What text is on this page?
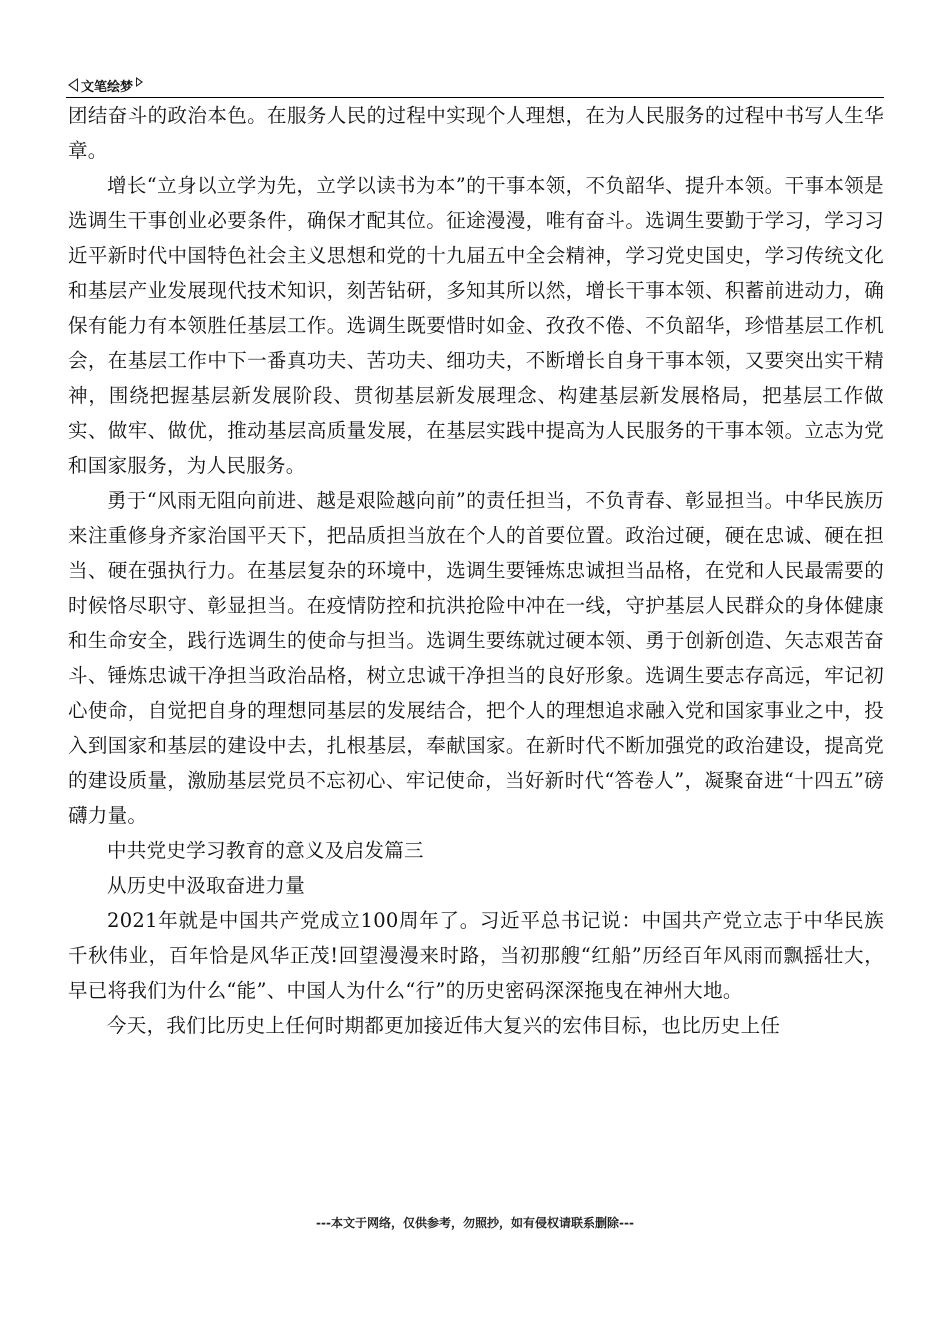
文笔绘梦

团结奋斗的政治本色。在服务人民的过程中实现个人理想，在为人民服务的过程中书写人生华章。

增长“立身以立学为先，立学以读书为本”的干事本领，不负韶华、提升本领。干事本领是选调生干事创业必要条件，确保才配其位。征途漫漫，唯有奋斗。选调生要勤于学习，学习习近平新时代中国特色社会主义思想和党的十九届五中全会精神，学习党史国史，学习传统文化和基层产业发展现代技术知识，刻苦钻研，多知其所以然，增长干事本领、积蓄前进动力，确保有能力有本领胜任基层工作。选调生既要惜时如金、孜孜不倦、不负韶华，珍惜基层工作机会，在基层工作中下一番真功夫、苦功夫、细功夫，不断增长自身干事本领，又要突出实干精神，围绕把握基层新发展阶段、贯彻基层新发展理念、构建基层新发展格局，把基层工作做实、做牢、做优，推动基层高质量发展，在基层实践中提高为人民服务的干事本领。立志为党和国家服务，为人民服务。

勇于“风雨无阻向前进、越是艰险越向前”的责任担当，不负青春、彰显担当。中华民族历来注重修身齐家治国平天下，把品质担当放在个人的首要位置。政治过硬，硬在忠诚、硬在担当、硬在强执行力。在基层复杂的环境中，选调生要锤炼忠诚担当品格，在党和人民最需要的时候恪尽职守、彰显担当。在疫情防控和抗洪抢险中冲在一线，守护基层人民群众的身体健康和生命安全，践行选调生的使命与担当。选调生要练就过硬本领、勇于创新创造、矢志艰苦奋斗、锤炼忠诚干净担当政治品格，树立忠诚干净担当的良好形象。选调生要志存高远，牢记初心使命，自觉把自身的理想同基层的发展结合，把个人的理想追求融入党和国家事业之中，投入到国家和基层的建设中去，扎根基层，奉献国家。在新时代不断加强党的政治建设，提高党的建设质量，激励基层党员不忘初心、牢记使命，当好新时代“答卷人”，凝聚奋进“十四五”磅礴力量。

中共党史学习教育的意义及启发篇三

从历史中汲取奋进力量

2021年就是中国共产党成立100周年了。习近平总书记说：中国共产党立志于中华民族千秋伟业，百年恰是风华正茂!回望漫漫来时路，当初那艘“红船”历经百年风雨而飘摇壮大，早已将我们为什么“能”、中国人为什么“行”的历史密码深深拖曳在神州大地。

今天，我们比历史上任何时期都更加接近伟大复兴的宏伟目标，也比历史上任

---本文于网络，仅供参考，勿照抄，如有侵权请联系删除---
